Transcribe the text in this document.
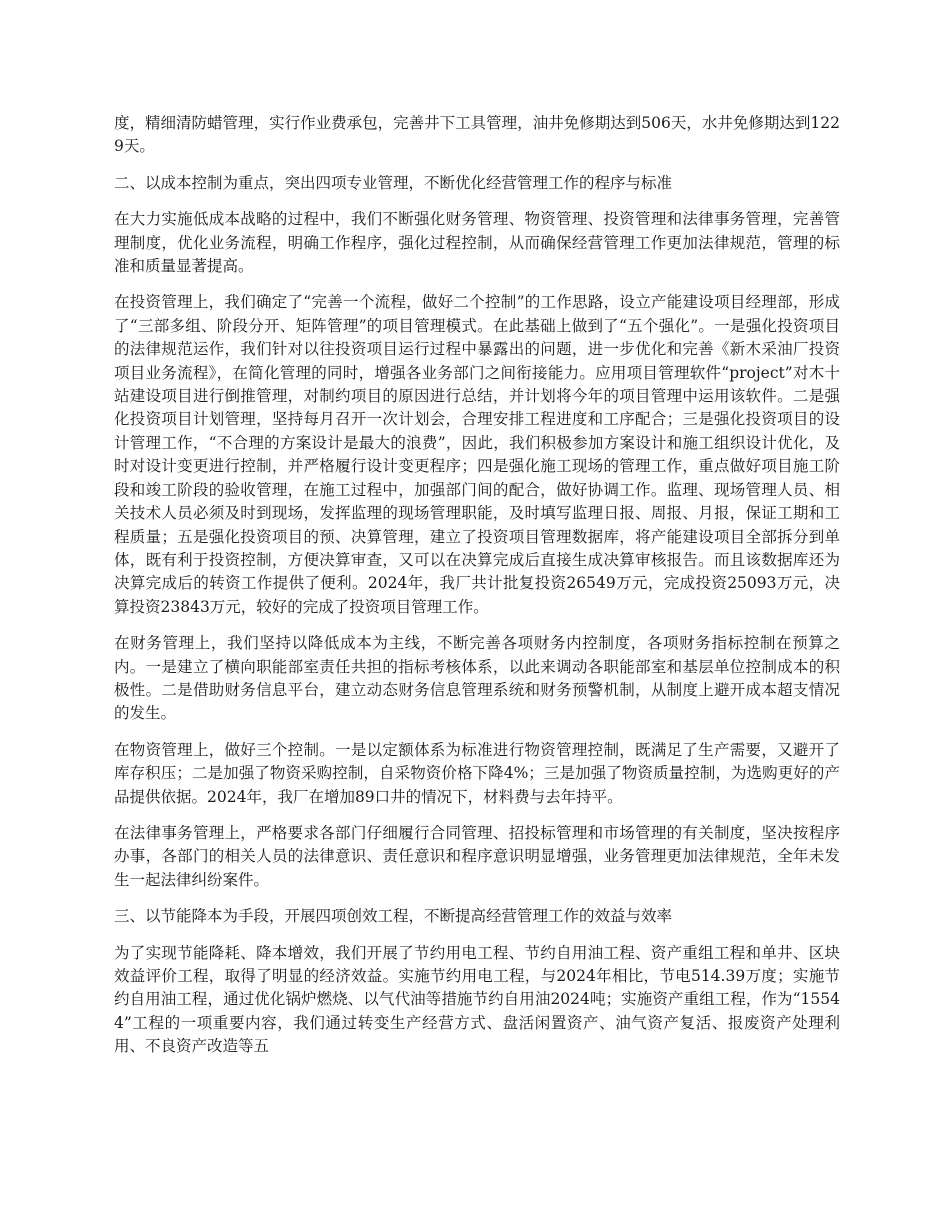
度，精细清防蜡管理，实行作业费承包，完善井下工具管理，油井免修期达到506天，水井免修期达到1229天。

二、以成本控制为重点，突出四项专业管理，不断优化经营管理工作的程序与标准

在大力实施低成本战略的过程中，我们不断强化财务管理、物资管理、投资管理和法律事务管理，完善管理制度，优化业务流程，明确工作程序，强化过程控制，从而确保经营管理工作更加法律规范，管理的标准和质量显著提高。

在投资管理上，我们确定了“完善一个流程，做好二个控制”的工作思路，设立产能建设项目经理部，形成了“三部多组、阶段分开、矩阵管理”的项目管理模式。在此基础上做到了“五个强化”。一是强化投资项目的法律规范运作，我们针对以往投资项目运行过程中暴露出的问题，进一步优化和完善《新木采油厂投资项目业务流程》，在简化管理的同时，增强各业务部门之间衔接能力。应用项目管理软件“project”对木十站建设项目进行倒推管理，对制约项目的原因进行总结，并计划将今年的项目管理中运用该软件。二是强化投资项目计划管理，坚持每月召开一次计划会，合理安排工程进度和工序配合；三是强化投资项目的设计管理工作，“不合理的方案设计是最大的浪费”，因此，我们积极参加方案设计和施工组织设计优化，及时对设计变更进行控制，并严格履行设计变更程序；四是强化施工现场的管理工作，重点做好项目施工阶段和竣工阶段的验收管理，在施工过程中，加强部门间的配合，做好协调工作。监理、现场管理人员、相关技术人员必须及时到现场，发挥监理的现场管理职能，及时填写监理日报、周报、月报，保证工期和工程质量；五是强化投资项目的预、决算管理，建立了投资项目管理数据库，将产能建设项目全部拆分到单体，既有利于投资控制，方便决算审查，又可以在决算完成后直接生成决算审核报告。而且该数据库还为决算完成后的转资工作提供了便利。2024年，我厂共计批复投资26549万元，完成投资25093万元，决算投资23843万元，较好的完成了投资项目管理工作。

在财务管理上，我们坚持以降低成本为主线，不断完善各项财务内控制度，各项财务指标控制在预算之内。一是建立了横向职能部室责任共担的指标考核体系，以此来调动各职能部室和基层单位控制成本的积极性。二是借助财务信息平台，建立动态财务信息管理系统和财务预警机制，从制度上避开成本超支情况的发生。

在物资管理上，做好三个控制。一是以定额体系为标准进行物资管理控制，既满足了生产需要，又避开了库存积压；二是加强了物资采购控制，自采物资价格下降4%；三是加强了物资质量控制，为选购更好的产品提供依据。2024年，我厂在增加89口井的情况下，材料费与去年持平。

在法律事务管理上，严格要求各部门仔细履行合同管理、招投标管理和市场管理的有关制度，坚决按程序办事，各部门的相关人员的法律意识、责任意识和程序意识明显增强，业务管理更加法律规范，全年未发生一起法律纠纷案件。

三、以节能降本为手段，开展四项创效工程，不断提高经营管理工作的效益与效率

为了实现节能降耗、降本增效，我们开展了节约用电工程、节约自用油工程、资产重组工程和单井、区块效益评价工程，取得了明显的经济效益。实施节约用电工程，与2024年相比，节电514.39万度；实施节约自用油工程，通过优化锅炉燃烧、以气代油等措施节约自用油2024吨；实施资产重组工程，作为“15544”工程的一项重要内容，我们通过转变生产经营方式、盘活闲置资产、油气资产复活、报废资产处理利用、不良资产改造等五
